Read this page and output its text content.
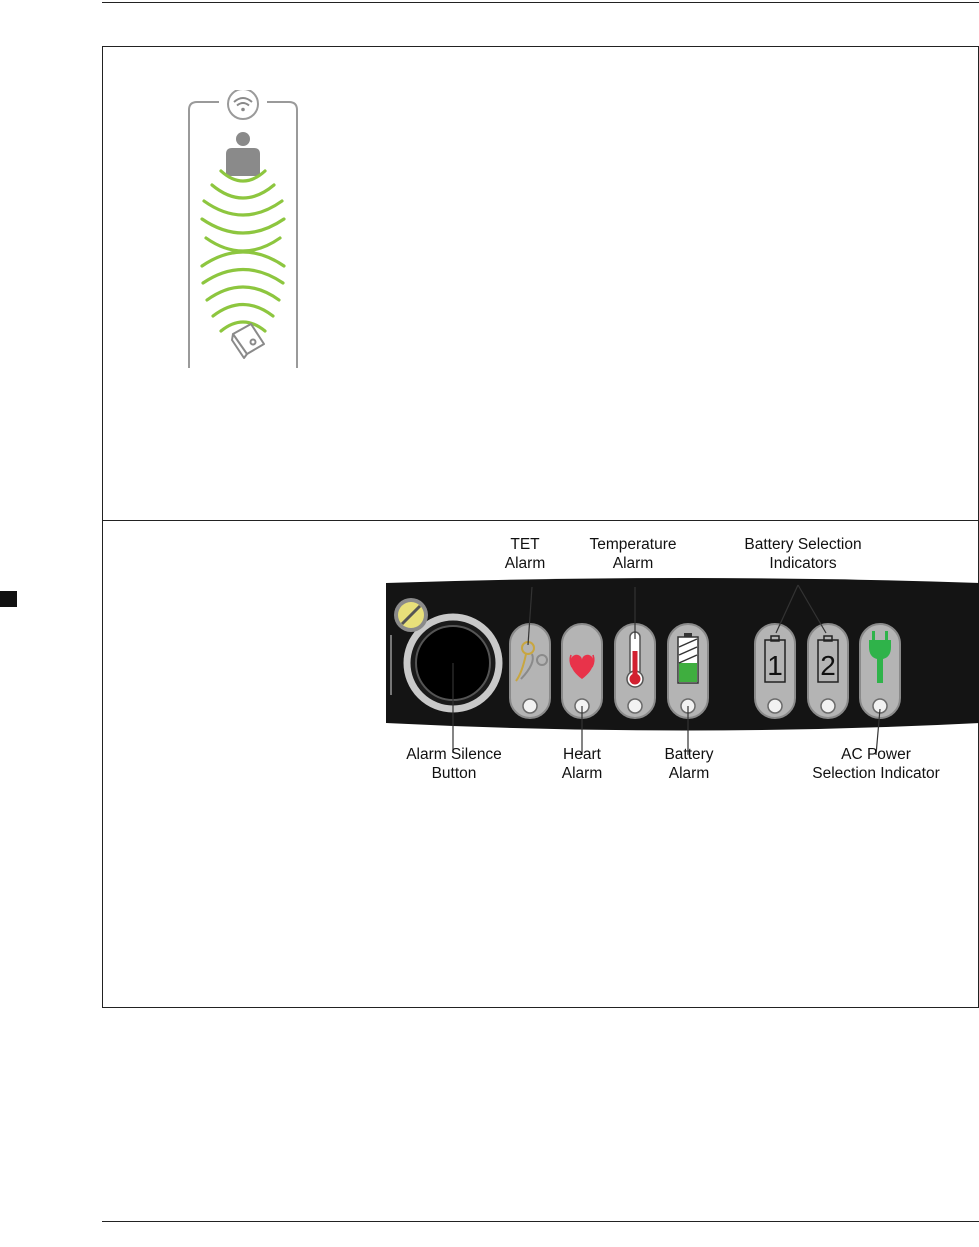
1 2
TET
Alarm
Temperature
Alarm
Battery Selection
Indicators
Alarm Silence
Button
Heart
Alarm
Battery
Alarm
AC Power
Selection Indicator
